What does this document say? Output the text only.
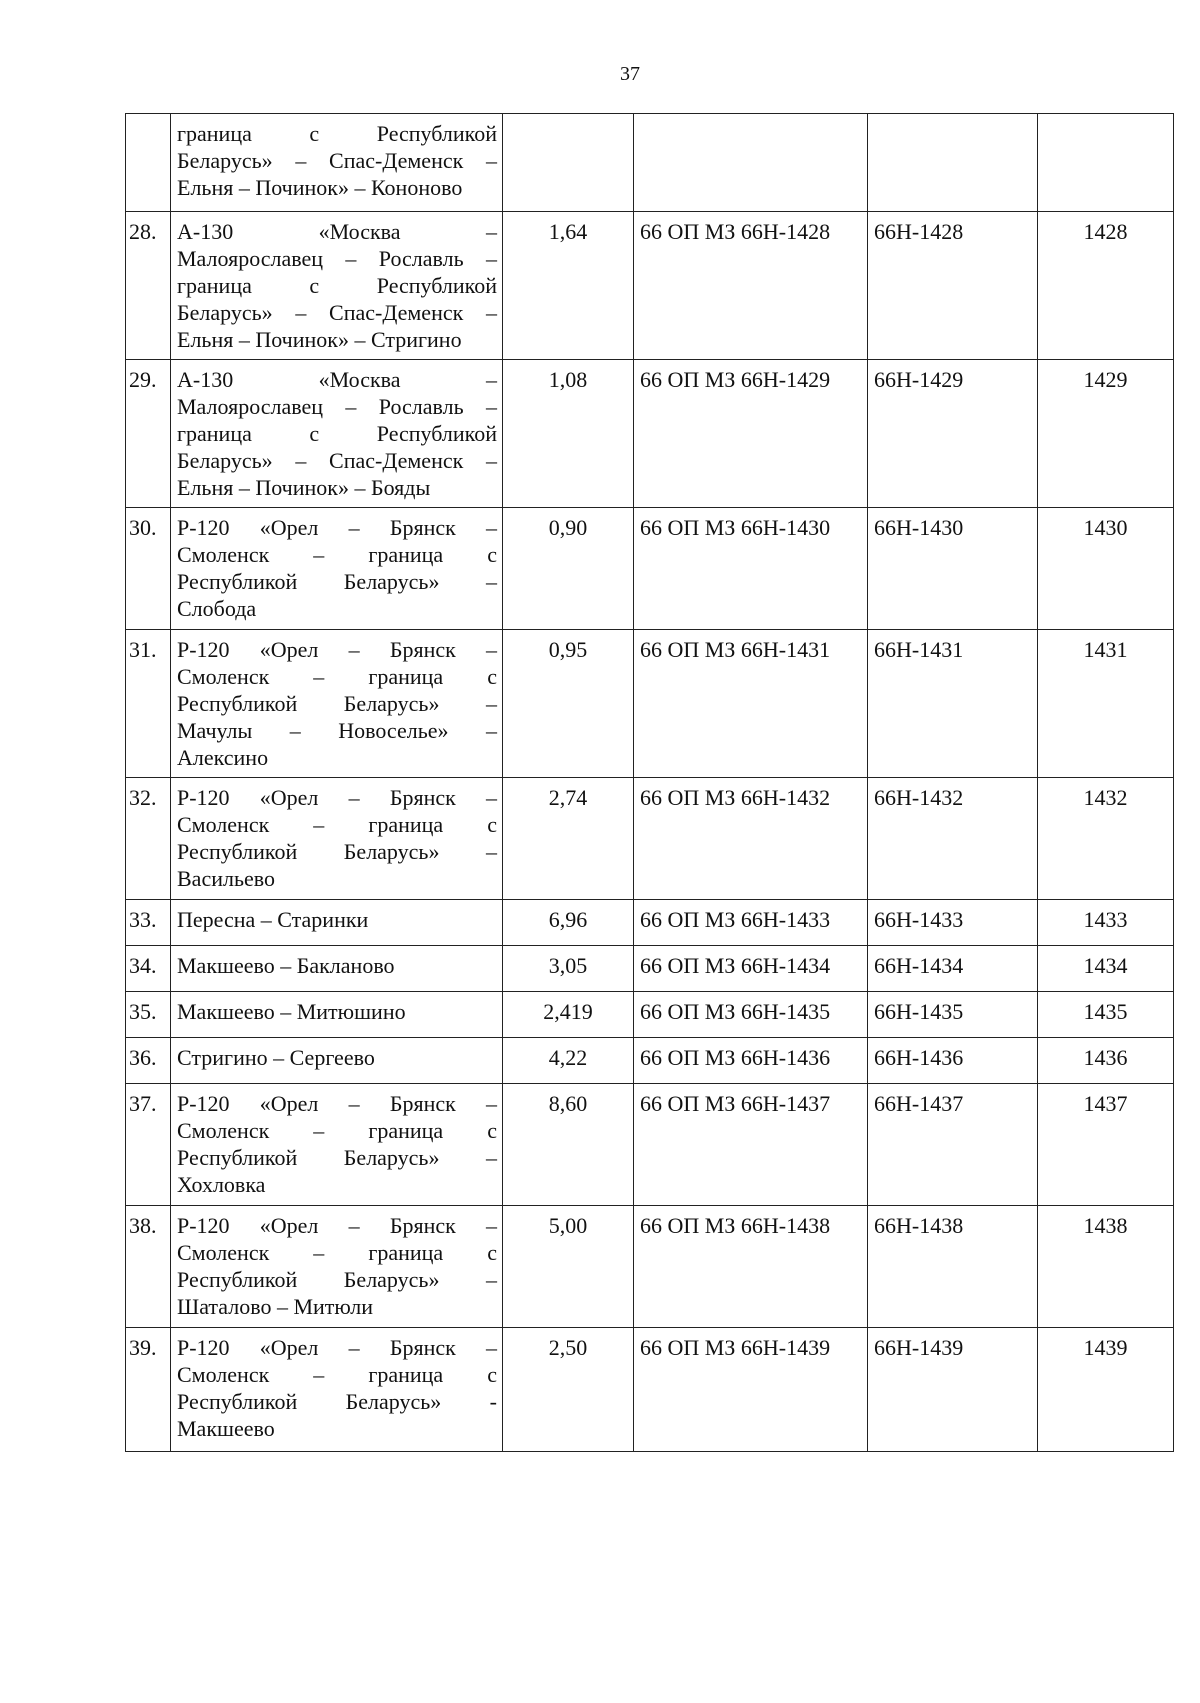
37

	граница с Республикой
Беларусь» – Спас-Деменск –
Ельня – Починок» – Кононово				

28.	А-130 «Москва –
Малоярославец – Рославль –
граница с Республикой
Беларусь» – Спас-Деменск –
Ельня – Починок» – Стригино	1,64	66 ОП МЗ 66Н-1428	66Н-1428	1428
29.	А-130 «Москва –
Малоярославец – Рославль –
граница с Республикой
Беларусь» – Спас-Деменск –
Ельня – Починок» – Бояды	1,08	66 ОП МЗ 66Н-1429	66Н-1429	1429
30.	Р-120 «Орел – Брянск –
Смоленск – граница с
Республикой Беларусь» –
Слобода	0,90	66 ОП МЗ 66Н-1430	66Н-1430	1430
31.	Р-120 «Орел – Брянск –
Смоленск – граница с
Республикой Беларусь» –
Мачулы – Новоселье» –
Алексино	0,95	66 ОП МЗ 66Н-1431	66Н-1431	1431
32.	Р-120 «Орел – Брянск –
Смоленск – граница с
Республикой Беларусь» –
Васильево	2,74	66 ОП МЗ 66Н-1432	66Н-1432	1432
33.	Пересна – Старинки	6,96	66 ОП МЗ 66Н-1433	66Н-1433	1433
34.	Макшеево – Бакланово	3,05	66 ОП МЗ 66Н-1434	66Н-1434	1434
35.	Макшеево – Митюшино	2,419	66 ОП МЗ 66Н-1435	66Н-1435	1435
36.	Стригино – Сергеево	4,22	66 ОП МЗ 66Н-1436	66Н-1436	1436
37.	Р-120 «Орел – Брянск –
Смоленск – граница с
Республикой Беларусь» –
Хохловка	8,60	66 ОП МЗ 66Н-1437	66Н-1437	1437
38.	Р-120 «Орел – Брянск –
Смоленск – граница с
Республикой Беларусь» –
Шаталово – Митюли	5,00	66 ОП МЗ 66Н-1438	66Н-1438	1438
39.	Р-120 «Орел – Брянск –
Смоленск – граница с
Республикой Беларусь» -
Макшеево	2,50	66 ОП МЗ 66Н-1439	66Н-1439	1439
